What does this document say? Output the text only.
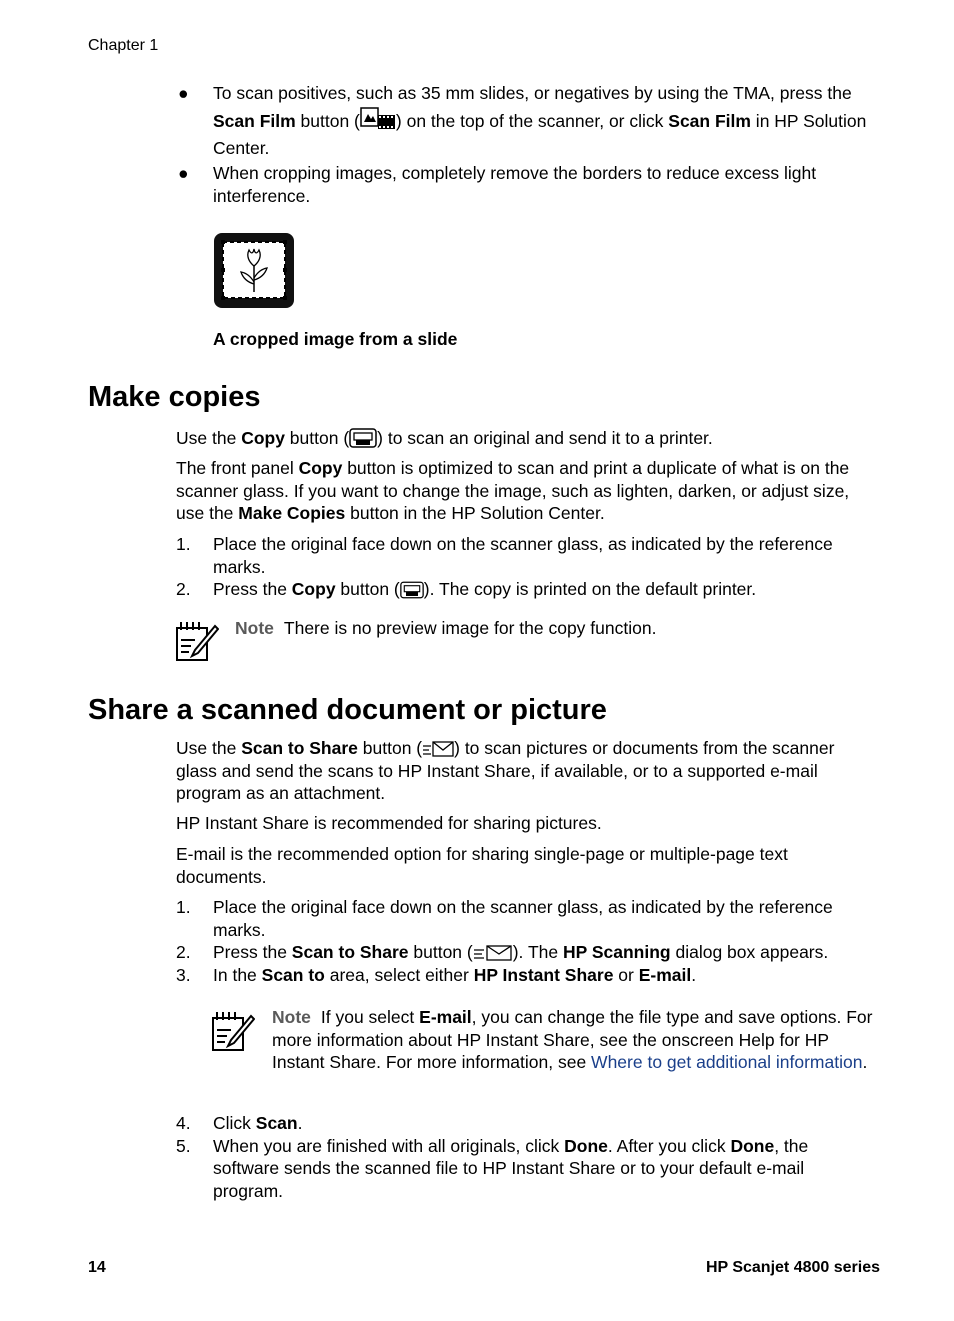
Chapter 1
● To scan positives, such as 35 mm slides, or negatives by using the TMA, press the Scan Film button ( ) on the top of the scanner, or click Scan Film in HP Solution Center.
● When cropping images, completely remove the borders to reduce excess light interference.
A cropped image from a slide
Make copies
Use the Copy button ( ) to scan an original and send it to a printer.
The front panel Copy button is optimized to scan and print a duplicate of what is on the scanner glass. If you want to change the image, such as lighten, darken, or adjust size, use the Make Copies button in the HP Solution Center.
1. Place the original face down on the scanner glass, as indicated by the reference marks.
2. Press the Copy button ( ). The copy is printed on the default printer.
Note There is no preview image for the copy function.
Share a scanned document or picture
Use the Scan to Share button ( ) to scan pictures or documents from the scanner glass and send the scans to HP Instant Share, if available, or to a supported e-mail program as an attachment.
HP Instant Share is recommended for sharing pictures.
E-mail is the recommended option for sharing single-page or multiple-page text documents.
1. Place the original face down on the scanner glass, as indicated by the reference marks.
2. Press the Scan to Share button ( ). The HP Scanning dialog box appears.
3. In the Scan to area, select either HP Instant Share or E-mail.
Note If you select E-mail, you can change the file type and save options. For more information about HP Instant Share, see the onscreen Help for HP Instant Share. For more information, see Where to get additional information.
4. Click Scan.
5. When you are finished with all originals, click Done. After you click Done, the software sends the scanned file to HP Instant Share or to your default e-mail program.
14	HP Scanjet 4800 series
